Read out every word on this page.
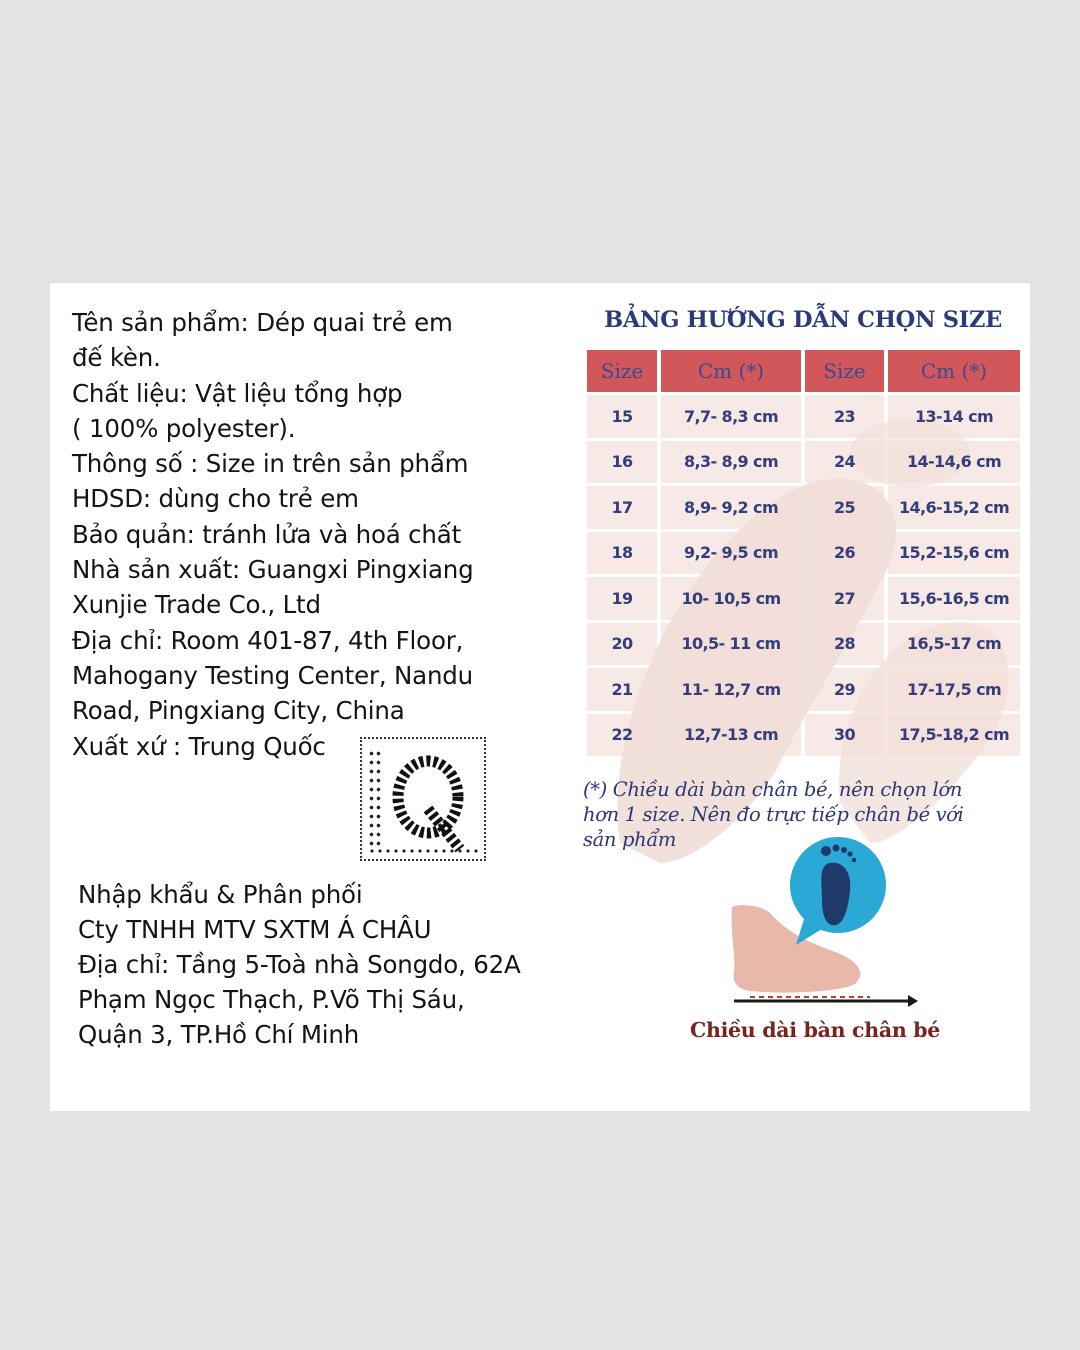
Tên sản phẩm: Dép quai trẻ em
đế kèn.
Chất liệu: Vật liệu tổng hợp
( 100% polyester).
Thông số : Size in trên sản phẩm
HDSD: dùng cho trẻ em
Bảo quản: tránh lửa và hoá chất
Nhà sản xuất: Guangxi Pingxiang
Xunjie Trade Co., Ltd
Địa chỉ: Room 401-87, 4th Floor,
Mahogany Testing Center, Nandu
Road, Pingxiang City, China
Xuất xứ : Trung Quốc
Nhập khẩu & Phân phối
Cty TNHH MTV SXTM Á CHÂU
Địa chỉ: Tầng 5-Toà nhà Songdo, 62A
Phạm Ngọc Thạch, P.Võ Thị Sáu,
Quận 3, TP.Hồ Chí Minh
BẢNG HƯỚNG DẪN CHỌN SIZE
Size	Cm (*)	Size	Cm (*)
15	7,7- 8,3 cm	23	13-14 cm
16	8,3- 8,9 cm	24	14-14,6 cm
17	8,9- 9,2 cm	25	14,6-15,2 cm
18	9,2- 9,5 cm	26	15,2-15,6 cm
19	10- 10,5 cm	27	15,6-16,5 cm
20	10,5- 11 cm	28	16,5-17 cm
21	11- 12,7 cm	29	17-17,5 cm
22	12,7-13 cm	30	17,5-18,2 cm
(*) Chiều dài bàn chân bé, nên chọn lớn
hơn 1 size. Nên đo trực tiếp chân bé với
sản phẩm
Chiều dài bàn chân bé
